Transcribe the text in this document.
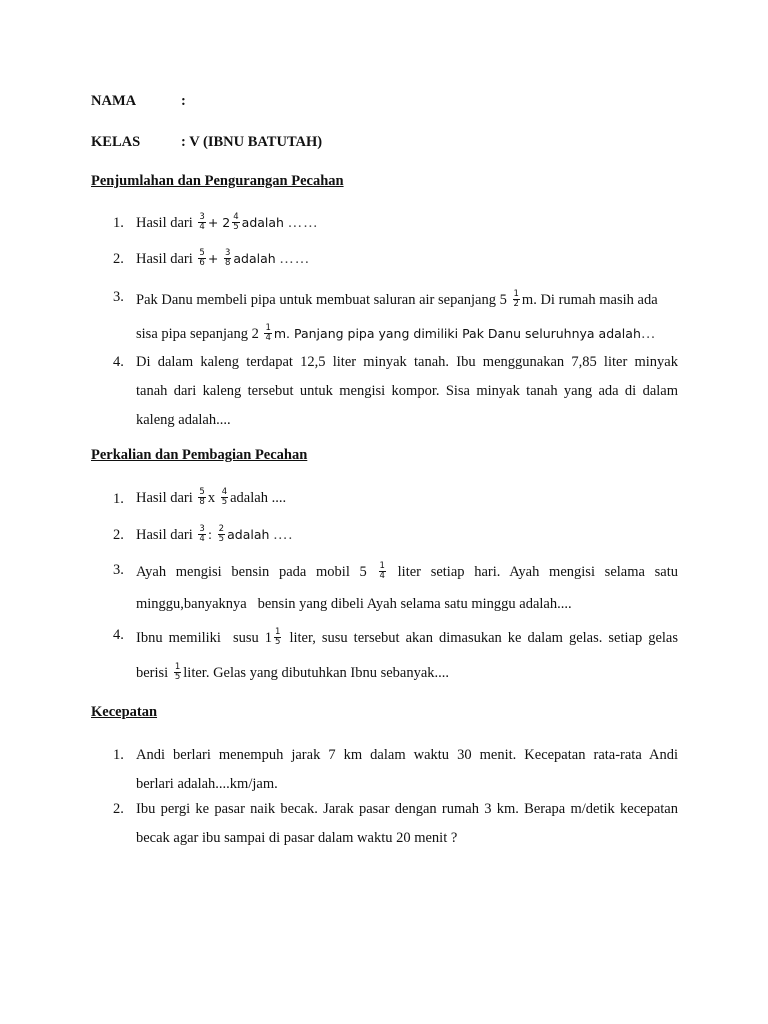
NAMA	:
KELAS	: V (IBNU BATUTAH)
Penjumlahan dan Pengurangan Pecahan
1. Hasil dari $\frac{3}{4} + 2 \frac{4}{5}$ adalah ……
2. Hasil dari $\frac{5}{6} + \frac{3}{8}$ adalah ……
3. Pak Danu membeli pipa untuk membuat saluran air sepanjang $5 \frac{1}{2} m$. Di rumah masih ada
sisa pipa sepanjang $2 \frac{1}{4} m$. Panjang pipa yang dimiliki Pak Danu seluruhnya adalah…
4. Di dalam kaleng terdapat 12,5 liter minyak tanah. Ibu menggunakan 7,85 liter minyak
tanah dari kaleng tersebut untuk mengisi kompor. Sisa minyak tanah yang ada di dalam
kaleng adalah....
Perkalian dan Pembagian Pecahan
1. Hasil dari $\frac{5}{8}$ x $\frac{4}{5}$ adalah ....
2. Hasil dari $\frac{3}{4}$ : $\frac{2}{5}$ adalah ….
3. Ayah mengisi bensin pada mobil $5 \frac{1}{4}$ liter setiap hari. Ayah mengisi selama satu
minggu,banyaknya   bensin yang dibeli Ayah selama satu minggu adalah....
4. Ibnu memiliki  susu $1 \frac{1}{5}$ liter, susu tersebut akan dimasukan ke dalam gelas. setiap gelas
berisi $\frac{1}{5}$ liter. Gelas yang dibutuhkan Ibnu sebanyak....
Kecepatan
1. Andi berlari menempuh jarak 7 km dalam waktu 30 menit. Kecepatan rata-rata Andi
berlari adalah....km/jam.
2. Ibu pergi ke pasar naik becak. Jarak pasar dengan rumah 3 km. Berapa m/detik kecepatan
becak agar ibu sampai di pasar dalam waktu 20 menit ?
